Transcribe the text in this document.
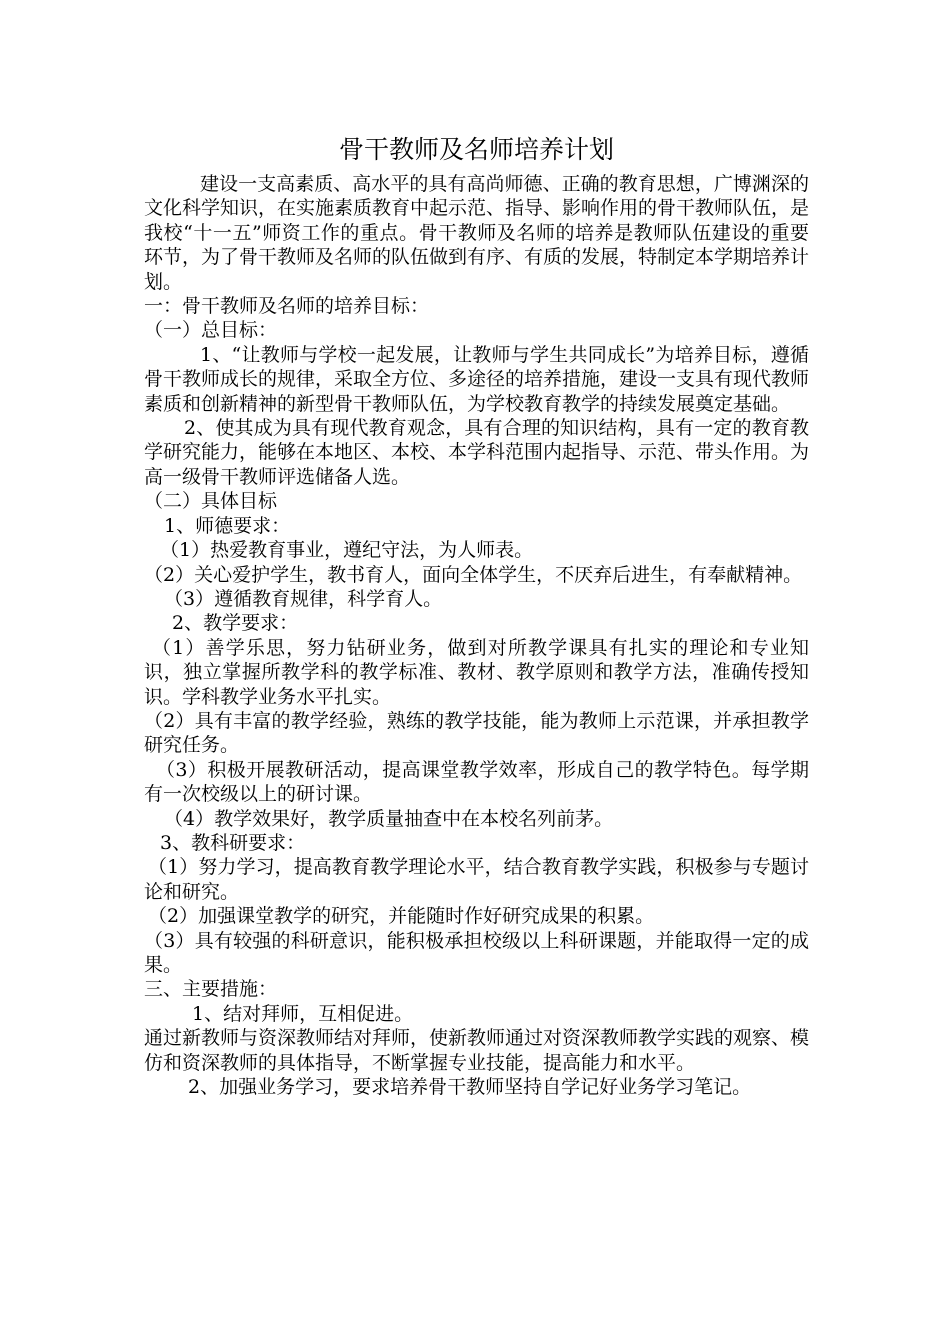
骨干教师及名师培养计划

建设一支高素质、高水平的具有高尚师德、正确的教育思想，广博渊深的文化科学知识，在实施素质教育中起示范、指导、影响作用的骨干教师队伍，是我校“十一五”师资工作的重点。骨干教师及名师的培养是教师队伍建设的重要环节，为了骨干教师及名师的队伍做到有序、有质的发展，特制定本学期培养计划。

一：骨干教师及名师的培养目标：

（一）总目标：

1、“让教师与学校一起发展，让教师与学生共同成长”为培养目标，遵循骨干教师成长的规律，采取全方位、多途径的培养措施，建设一支具有现代教师素质和创新精神的新型骨干教师队伍，为学校教育教学的持续发展奠定基础。

2、使其成为具有现代教育观念，具有合理的知识结构，具有一定的教育教学研究能力，能够在本地区、本校、本学科范围内起指导、示范、带头作用。为高一级骨干教师评选储备人选。

（二）具体目标

1、师德要求：

（1）热爱教育事业，遵纪守法，为人师表。

（2）关心爱护学生，教书育人，面向全体学生，不厌弃后进生，有奉献精神。

（3）遵循教育规律，科学育人。

2、教学要求：

（1）善学乐思，努力钻研业务，做到对所教学课具有扎实的理论和专业知识，独立掌握所教学科的教学标准、教材、教学原则和教学方法，准确传授知识。学科教学业务水平扎实。

（2）具有丰富的教学经验，熟练的教学技能，能为教师上示范课，并承担教学研究任务。

（3）积极开展教研活动，提高课堂教学效率，形成自己的教学特色。每学期有一次校级以上的研讨课。

（4）教学效果好，教学质量抽查中在本校名列前茅。

3、教科研要求：

（1）努力学习，提高教育教学理论水平，结合教育教学实践，积极参与专题讨论和研究。

（2）加强课堂教学的研究，并能随时作好研究成果的积累。

（3）具有较强的科研意识，能积极承担校级以上科研课题，并能取得一定的成果。

三、主要措施：

1、结对拜师，互相促进。

通过新教师与资深教师结对拜师，使新教师通过对资深教师教学实践的观察、模仿和资深教师的具体指导，不断掌握专业技能，提高能力和水平。

2、加强业务学习，要求培养骨干教师坚持自学记好业务学习笔记。
